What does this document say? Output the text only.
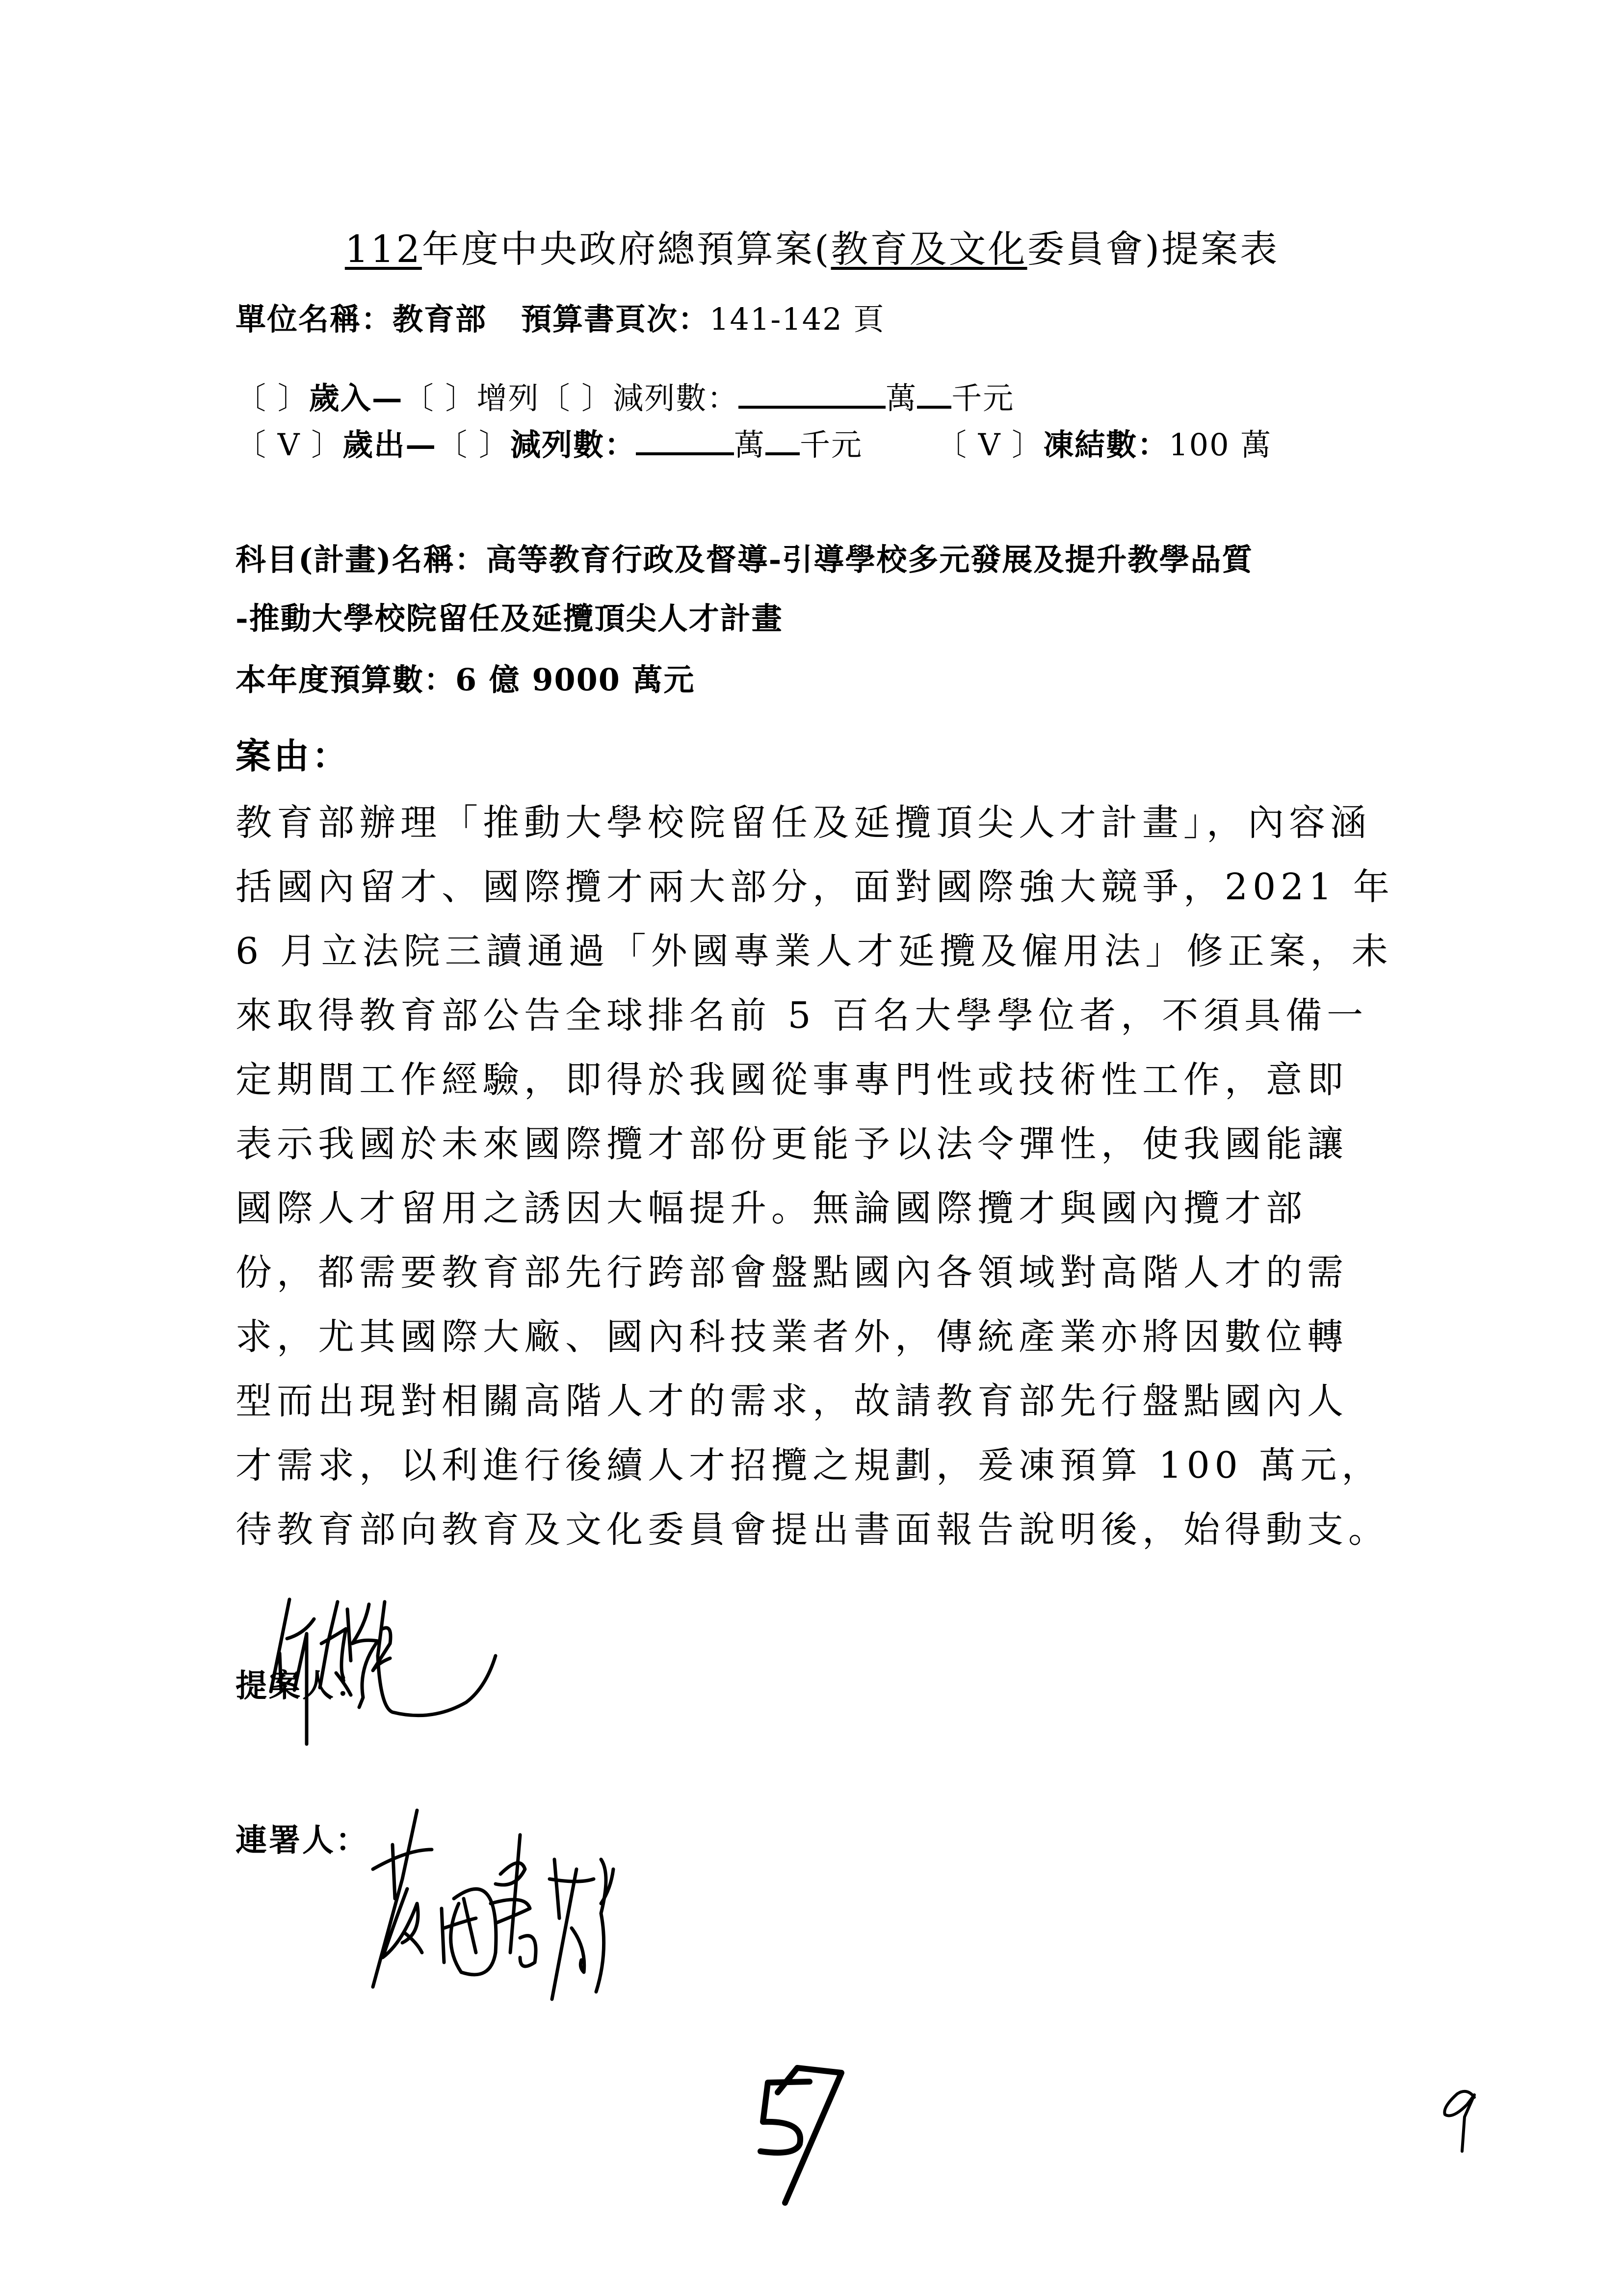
112年度中央政府總預算案(教育及文化委員會)提案表
單位名稱：教育部 預算書頁次：141-142 頁
〔 〕歲入—〔 〕增列〔 〕減列數：	萬 千元
〔 V 〕歲出—〔 〕減列數：	萬 千元 〔 V 〕凍結數：100 萬
科目(計畫)名稱：高等教育行政及督導-引導學校多元發展及提升教學品質
-推動大學校院留任及延攬頂尖人才計畫
本年度預算數：6 億 9000 萬元
案由：
教育部辦理「推動大學校院留任及延攬頂尖人才計畫」，內容涵
括國內留才、國際攬才兩大部分，面對國際強大競爭，2021 年
6 月立法院三讀通過「外國專業人才延攬及僱用法」修正案，未
來取得教育部公告全球排名前 5 百名大學學位者，不須具備一
定期間工作經驗，即得於我國從事專門性或技術性工作，意即
表示我國於未來國際攬才部份更能予以法令彈性，使我國能讓
國際人才留用之誘因大幅提升。無論國際攬才與國內攬才部
份，都需要教育部先行跨部會盤點國內各領域對高階人才的需
求，尤其國際大廠、國內科技業者外，傳統產業亦將因數位轉
型而出現對相關高階人才的需求，故請教育部先行盤點國內人
才需求，以利進行後續人才招攬之規劃，爰凍預算 100 萬元，
待教育部向教育及文化委員會提出書面報告說明後，始得動支。
提案人：
連署人：
